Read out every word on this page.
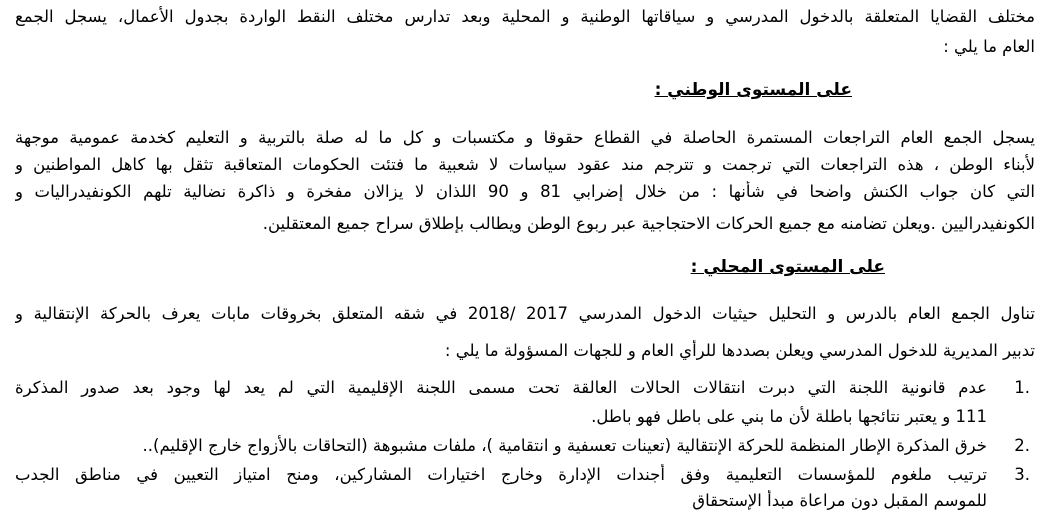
مختلف القضايا المتعلقة بالدخول المدرسي و سياقاتها الوطنية و المحلية وبعد تدارس مختلف النقط الواردة بجدول الأعمال، يسجل الجمع
العام ما يلي :
على المستوى الوطني :
يسجل الجمع العام التراجعات المستمرة الحاصلة في القطاع حقوقا و مكتسبات و كل ما له صلة بالتربية و التعليم كخدمة عمومية موجهة
لأبناء الوطن ، هذه التراجعات التي ترجمت و تترجم مند عقود سياسات لا شعبية ما فتئت الحكومات المتعاقبة تثقل بها كاهل المواطنين و
التي كان جواب الكنش واضحا في شأنها : من خلال إضرابي 81 و 90 اللذان لا يزالان مفخرة و ذاكرة نضالية تلهم الكونفيدراليات و
الكونفيدراليين .ويعلن تضامنه مع جميع الحركات الاحتجاجية عبر ربوع الوطن ويطالب بإطلاق سراح جميع المعتقلين.
على المستوى المحلي :
تناول الجمع العام بالدرس و التحليل حيثيات الدخول المدرسي 2017 /2018 في شقه المتعلق بخروقات مابات يعرف بالحركة الإنتقالية و
تدبير المديرية للدخول المدرسي ويعلن بصددها للرأي العام و للجهات المسؤولة ما يلي :
1.
عدم قانونية اللجنة التي دبرت انتقالات الحالات العالقة تحت مسمى اللجنة الإقليمية التي لم يعد لها وجود بعد صدور المذكرة
111 و يعتبر نتائجها باطلة لأن ما بني على باطل فهو باطل.
2.
خرق المذكرة الإطار المنظمة للحركة الإنتقالية (تعينات تعسفية و انتقامية )، ملفات مشبوهة (التحاقات بالأزواج خارج الإقليم)..
3.
ترتيب ملغوم للمؤسسات التعليمية وفق أجندات الإدارة وخارج اختيارات المشاركين، ومنح امتياز التعيين في مناطق الجدب
للموسم المقبل دون مراعاة مبدأ الإستحقاق
